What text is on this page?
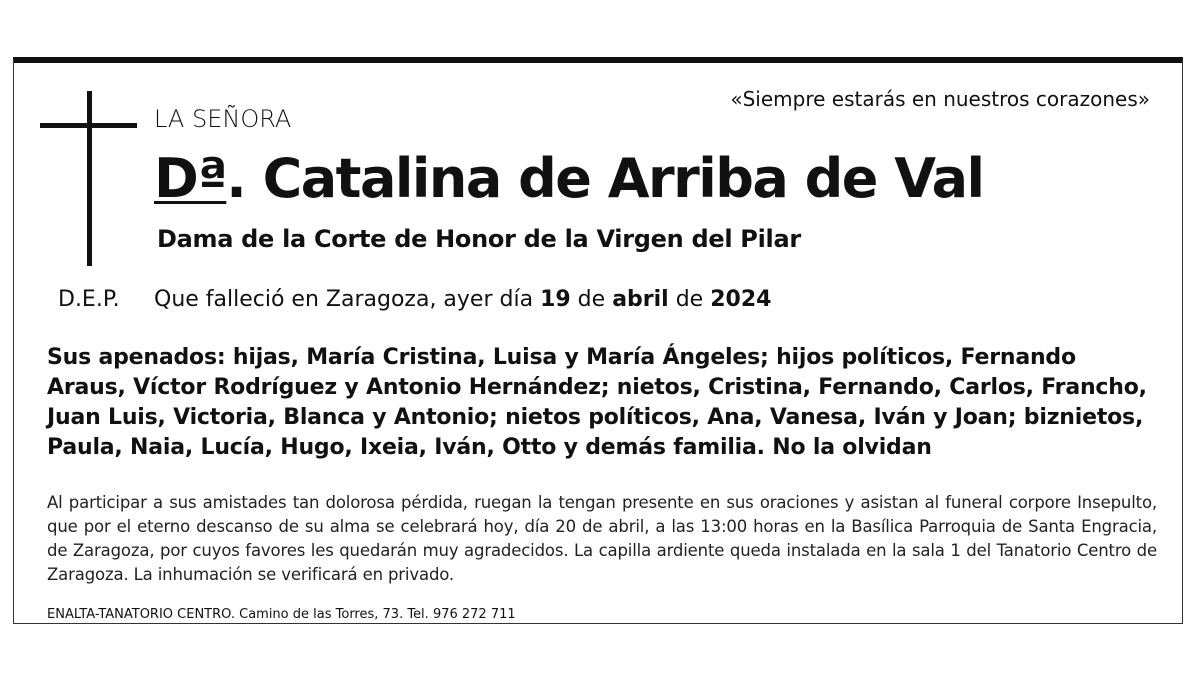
LA SEÑORA
«Siempre estarás en nuestros corazones»
Dª. Catalina de Arriba de Val
Dama de la Corte de Honor de la Virgen del Pilar
D.E.P. Que falleció en Zaragoza, ayer día 19 de abril de 2024
Sus apenados: hijas, María Cristina, Luisa y María Ángeles; hijos políticos, Fernando Araus, Víctor Rodríguez y Antonio Hernández; nietos, Cristina, Fernando, Carlos, Francho, Juan Luis, Victoria, Blanca y Antonio; nietos políticos, Ana, Vanesa, Iván y Joan; biznietos, Paula, Naia, Lucía, Hugo, Ixeia, Iván, Otto y demás familia. No la olvidan
Al participar a sus amistades tan dolorosa pérdida, ruegan la tengan presente en sus oraciones y asistan al funeral corpore Insepulto, que por el eterno descanso de su alma se celebrará hoy, día 20 de abril, a las 13:00 horas en la Basílica Parroquia de Santa Engracia, de Zaragoza, por cuyos favores les quedarán muy agradecidos. La capilla ardiente queda instalada en la sala 1 del Tanatorio Centro de Zaragoza. La inhumación se verificará en privado.
ENALTA-TANATORIO CENTRO. Camino de las Torres, 73. Tel. 976 272 711
